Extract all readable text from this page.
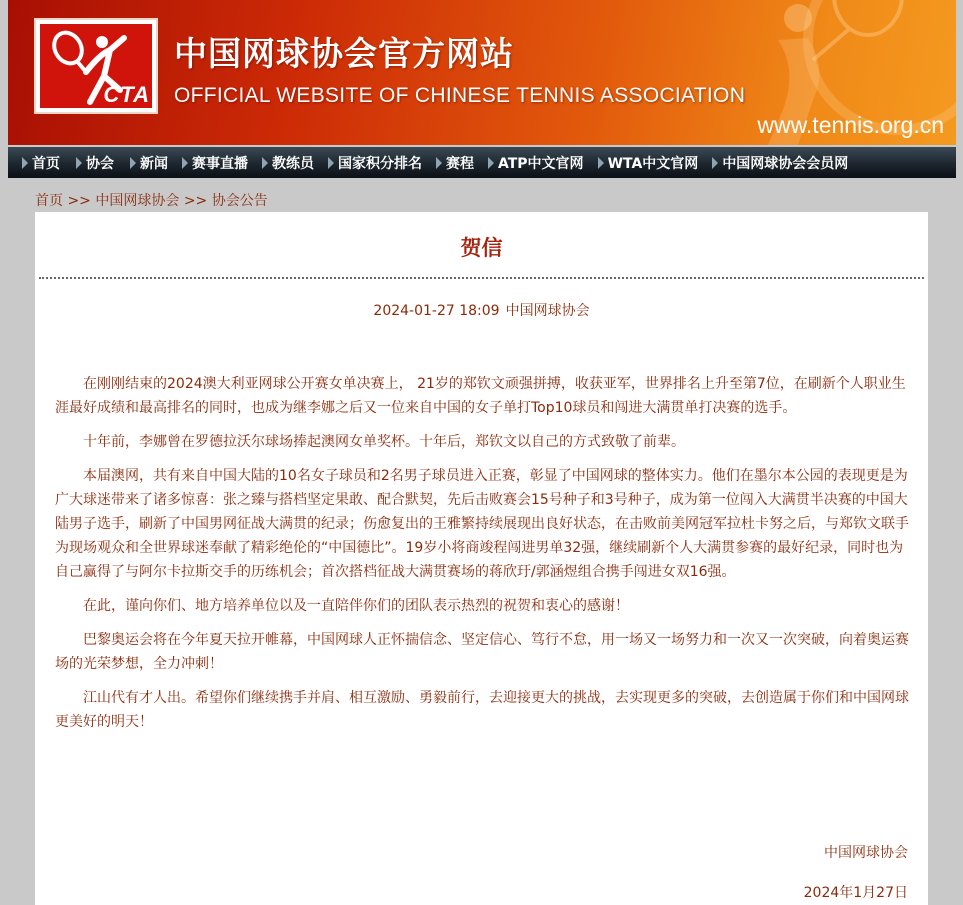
CTA
中国网球协会官方网站
OFFICIAL WEBSITE OF CHINESE TENNIS ASSOCIATION
www.tennis.org.cn
首页 协会 新闻 赛事直播 教练员 国家积分排名 赛程 ATP中文官网 WTA中文官网 中国网球协会会员网
首页 >> 中国网球协会 >> 协会公告
贺信
2024-01-27 18:09 中国网球协会

在刚刚结束的2024澳大利亚网球公开赛女单决赛上， 21岁的郑钦文顽强拼搏，收获亚军，世界排名上升至第7位，在刷新个人职业生涯最好成绩和最高排名的同时，也成为继李娜之后又一位来自中国的女子单打Top10球员和闯进大满贯单打决赛的选手。

十年前，李娜曾在罗德拉沃尔球场捧起澳网女单奖杯。十年后，郑钦文以自己的方式致敬了前辈。

本届澳网，共有来自中国大陆的10名女子球员和2名男子球员进入正赛，彰显了中国网球的整体实力。他们在墨尔本公园的表现更是为广大球迷带来了诸多惊喜：张之臻与搭档坚定果敢、配合默契，先后击败赛会15号种子和3号种子，成为第一位闯入大满贯半决赛的中国大陆男子选手，刷新了中国男网征战大满贯的纪录；伤愈复出的王雅繁持续展现出良好状态，在击败前美网冠军拉杜卡努之后，与郑钦文联手为现场观众和全世界球迷奉献了精彩绝伦的“中国德比”。19岁小将商竣程闯进男单32强，继续刷新个人大满贯参赛的最好纪录，同时也为自己赢得了与阿尔卡拉斯交手的历练机会；首次搭档征战大满贯赛场的蒋欣玗/郭涵煜组合携手闯进女双16强。

在此，谨向你们、地方培养单位以及一直陪伴你们的团队表示热烈的祝贺和衷心的感谢！

巴黎奥运会将在今年夏天拉开帷幕，中国网球人正怀揣信念、坚定信心、笃行不怠，用一场又一场努力和一次又一次突破，向着奥运赛场的光荣梦想，全力冲刺！

江山代有才人出。希望你们继续携手并肩、相互激励、勇毅前行，去迎接更大的挑战，去实现更多的突破，去创造属于你们和中国网球更美好的明天！

中国网球协会
2024年1月27日
